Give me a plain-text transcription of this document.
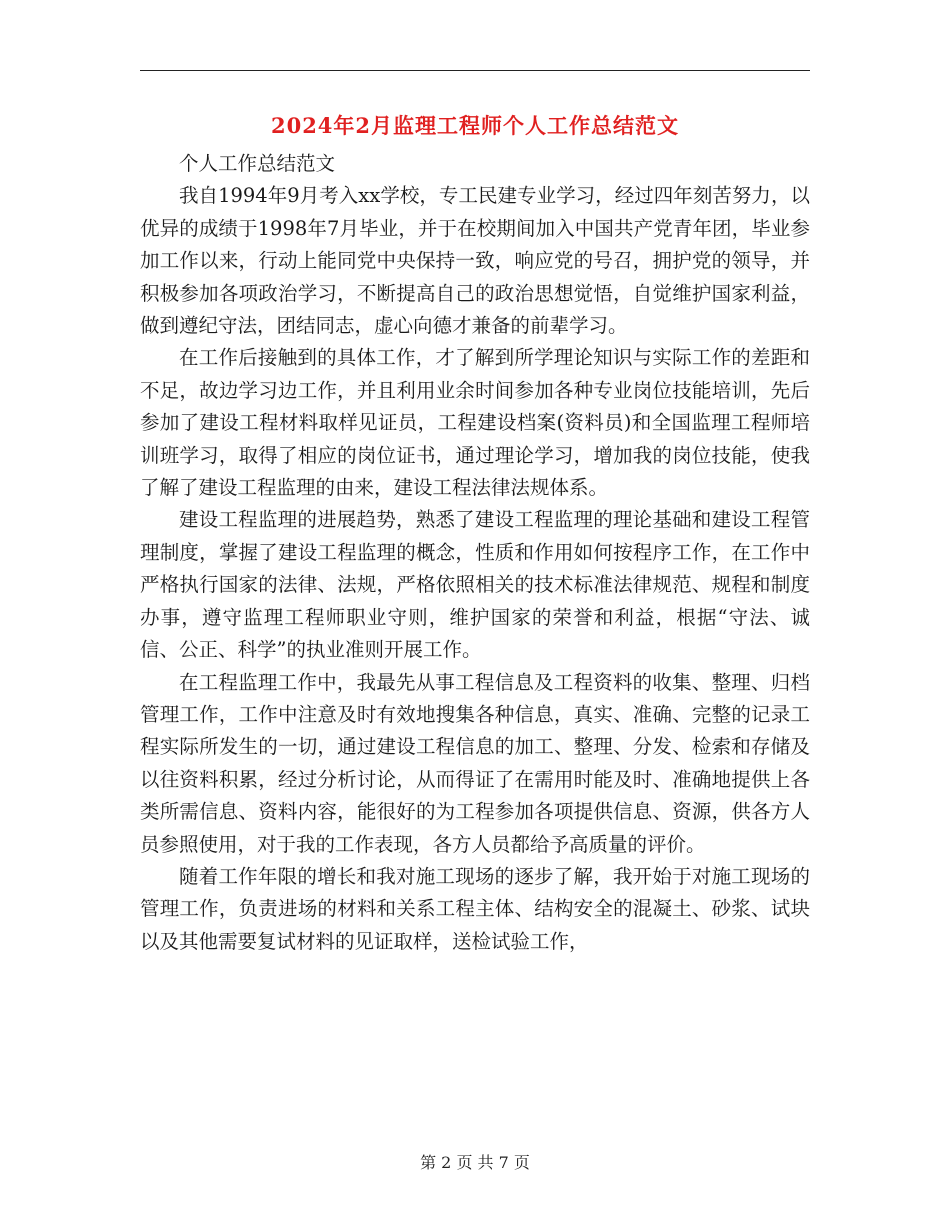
2024年2月监理工程师个人工作总结范文

个人工作总结范文

我自1994年9月考入xx学校，专工民建专业学习，经过四年刻苦努力，以优异的成绩于1998年7月毕业，并于在校期间加入中国共产党青年团，毕业参加工作以来，行动上能同党中央保持一致，响应党的号召，拥护党的领导，并积极参加各项政治学习，不断提高自己的政治思想觉悟，自觉维护国家利益，做到遵纪守法，团结同志，虚心向德才兼备的前辈学习。

在工作后接触到的具体工作，才了解到所学理论知识与实际工作的差距和不足，故边学习边工作，并且利用业余时间参加各种专业岗位技能培训，先后参加了建设工程材料取样见证员，工程建设档案(资料员)和全国监理工程师培训班学习，取得了相应的岗位证书，通过理论学习，增加我的岗位技能，使我了解了建设工程监理的由来，建设工程法律法规体系。

建设工程监理的进展趋势，熟悉了建设工程监理的理论基础和建设工程管理制度，掌握了建设工程监理的概念，性质和作用如何按程序工作，在工作中严格执行国家的法律、法规，严格依照相关的技术标准法律规范、规程和制度办事，遵守监理工程师职业守则，维护国家的荣誉和利益，根据“守法、诚信、公正、科学”的执业准则开展工作。

在工程监理工作中，我最先从事工程信息及工程资料的收集、整理、归档管理工作，工作中注意及时有效地搜集各种信息，真实、准确、完整的记录工程实际所发生的一切，通过建设工程信息的加工、整理、分发、检索和存储及以往资料积累，经过分析讨论，从而得证了在需用时能及时、准确地提供上各类所需信息、资料内容，能很好的为工程参加各项提供信息、资源，供各方人员参照使用，对于我的工作表现，各方人员都给予高质量的评价。

随着工作年限的增长和我对施工现场的逐步了解，我开始于对施工现场的管理工作，负责进场的材料和关系工程主体、结构安全的混凝土、砂浆、试块以及其他需要复试材料的见证取样，送检试验工作，

第 2 页 共 7 页
